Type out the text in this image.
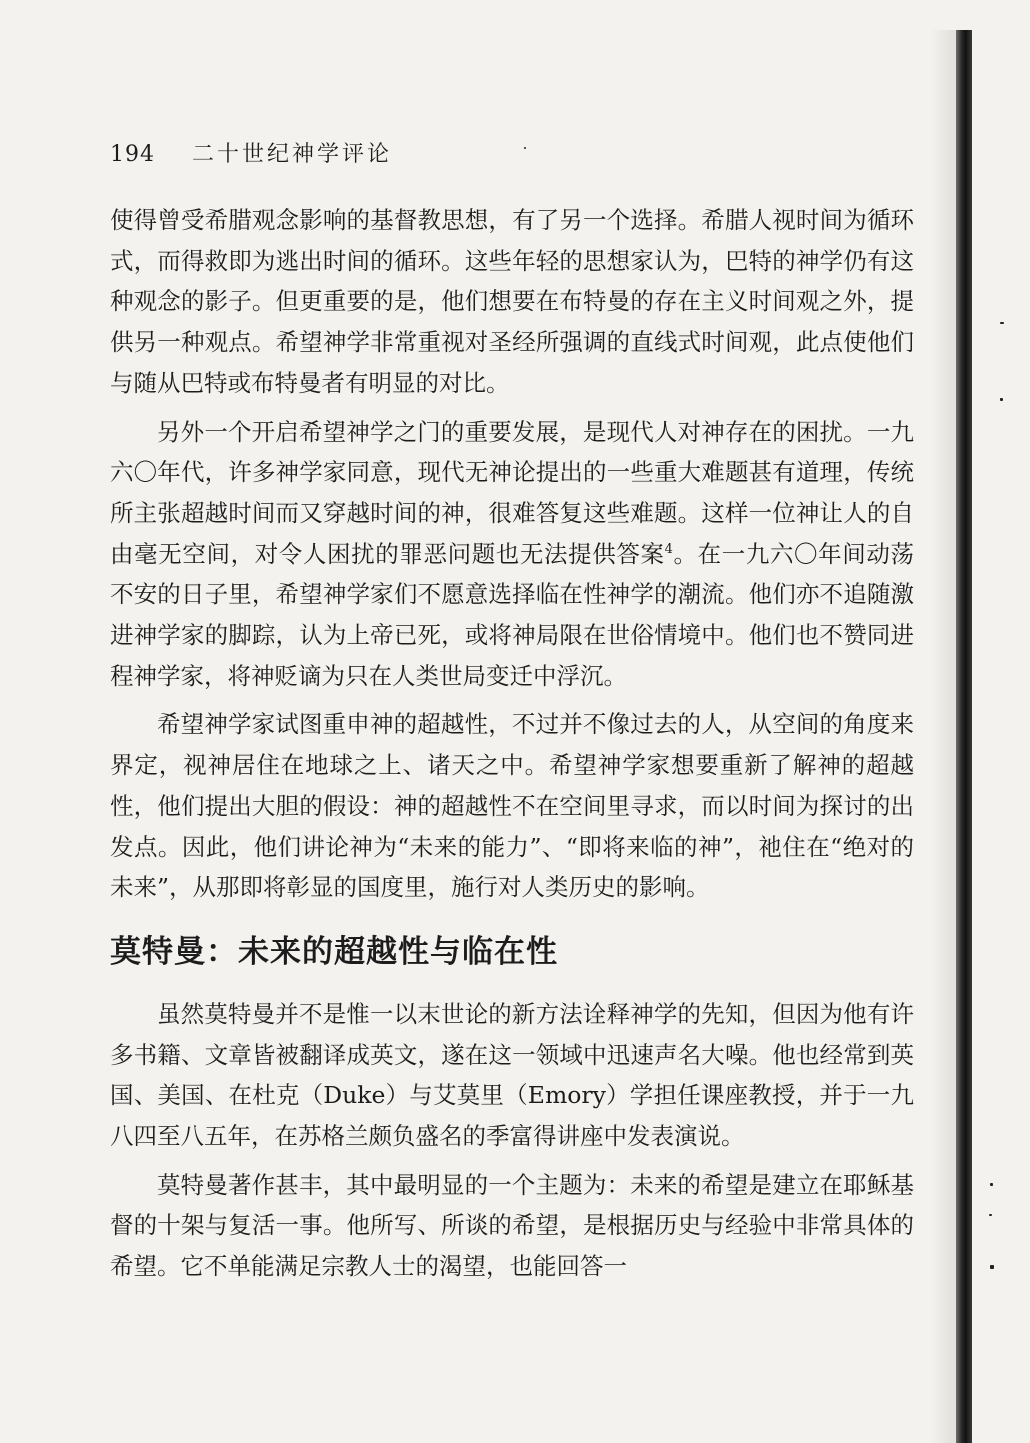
194 二十世纪神学评论

使得曾受希腊观念影响的基督教思想，有了另一个选择。希腊人视时间为循环式，而得救即为逃出时间的循环。这些年轻的思想家认为，巴特的神学仍有这种观念的影子。但更重要的是，他们想要在布特曼的存在主义时间观之外，提供另一种观点。希望神学非常重视对圣经所强调的直线式时间观，此点使他们与随从巴特或布特曼者有明显的对比。

另外一个开启希望神学之门的重要发展，是现代人对神存在的困扰。一九六〇年代，许多神学家同意，现代无神论提出的一些重大难题甚有道理，传统所主张超越时间而又穿越时间的神，很难答复这些难题。这样一位神让人的自由毫无空间，对令人困扰的罪恶问题也无法提供答案$^4$。在一九六〇年间动荡不安的日子里，希望神学家们不愿意选择临在性神学的潮流。他们亦不追随激进神学家的脚踪，认为上帝已死，或将神局限在世俗情境中。他们也不赞同进程神学家，将神贬谪为只在人类世局变迁中浮沉。

希望神学家试图重申神的超越性，不过并不像过去的人，从空间的角度来界定，视神居住在地球之上、诸天之中。希望神学家想要重新了解神的超越性，他们提出大胆的假设：神的超越性不在空间里寻求，而以时间为探讨的出发点。因此，他们讲论神为“未来的能力”、“即将来临的神”，祂住在“绝对的未来”，从那即将彰显的国度里，施行对人类历史的影响。

莫特曼：未来的超越性与临在性

虽然莫特曼并不是惟一以末世论的新方法诠释神学的先知，但因为他有许多书籍、文章皆被翻译成英文，遂在这一领域中迅速声名大噪。他也经常到英国、美国、在杜克（Duke）与艾莫里（Emory）学担任课座教授，并于一九八四至八五年，在苏格兰颇负盛名的季富得讲座中发表演说。

莫特曼著作甚丰，其中最明显的一个主题为：未来的希望是建立在耶稣基督的十架与复活一事。他所写、所谈的希望，是根据历史与经验中非常具体的希望。它不单能满足宗教人士的渴望，也能回答一
